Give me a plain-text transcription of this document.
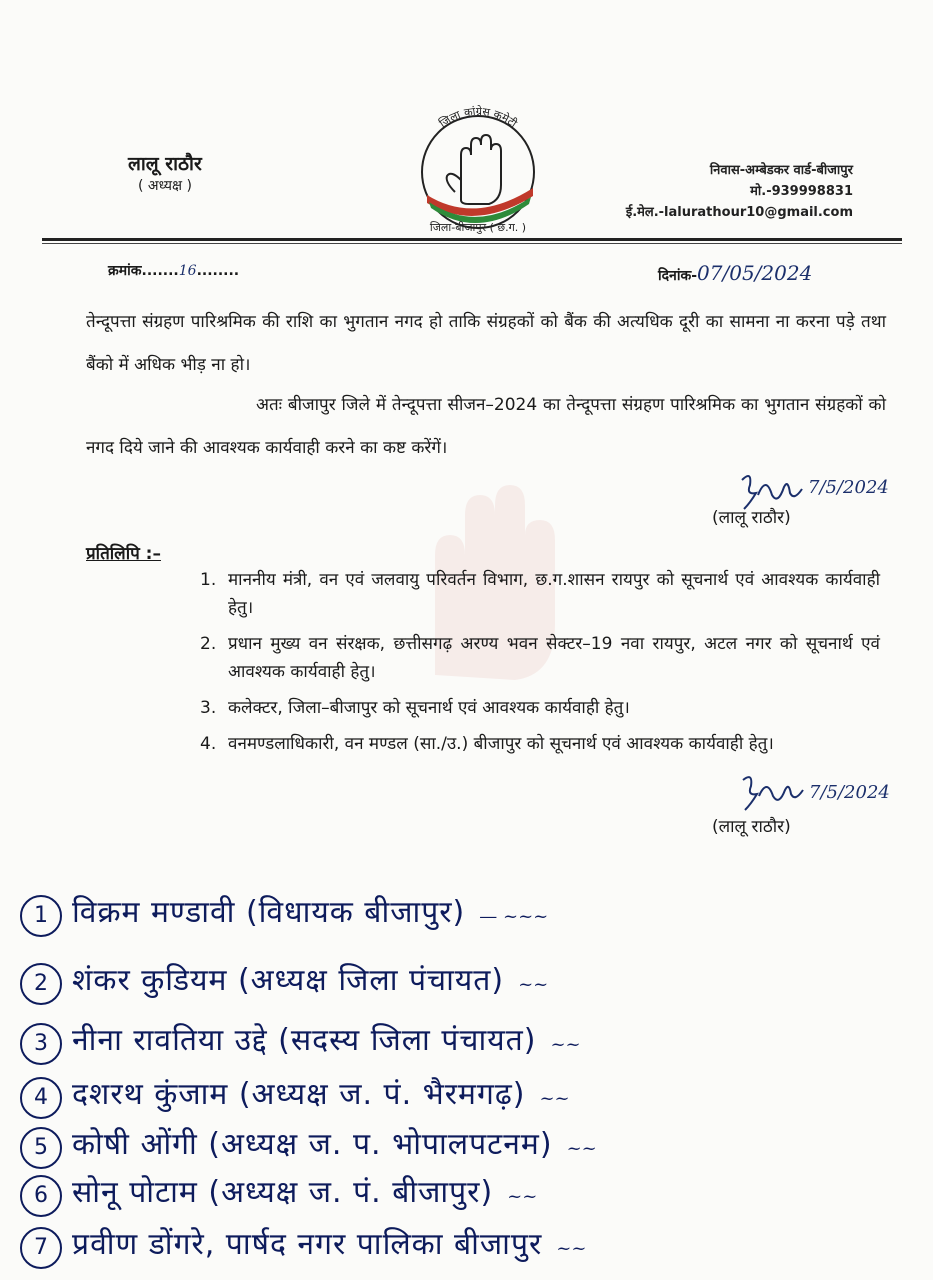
लालू राठौर
( अध्यक्ष )
जिला कांग्रेस कमेटी
जिला-बीजापुर ( छ.ग. )
निवास-अम्बेडकर वार्ड-बीजापुर
मो.-939998831
ई.मेल.-lalurathour10@gmail.com
क्रमांक.......16........	दिनांक-07/05/2024
तेन्दूपत्ता संग्रहण पारिश्रमिक की राशि का भुगतान नगद हो ताकि संग्रहकों को बैंक की अत्यधिक दूरी का सामना ना करना पड़े तथा बैंको में अधिक भीड़ ना हो।
अतः बीजापुर जिले में तेन्दूपत्ता सीजन–2024 का तेन्दूपत्ता संग्रहण पारिश्रमिक का भुगतान संग्रहकों को नगद दिये जाने की आवश्यक कार्यवाही करने का कष्ट करेंगें।
7/5/2024
(लालू राठौर)
प्रतिलिपि :–
1. माननीय मंत्री, वन एवं जलवायु परिवर्तन विभाग, छ.ग.शासन रायपुर को सूचनार्थ एवं आवश्यक कार्यवाही हेतु।
2. प्रधान मुख्य वन संरक्षक, छत्तीसगढ़ अरण्य भवन सेक्टर–19 नवा रायपुर, अटल नगर को सूचनार्थ एवं आवश्यक कार्यवाही हेतु।
3. कलेक्टर, जिला–बीजापुर को सूचनार्थ एवं आवश्यक कार्यवाही हेतु।
4. वनमण्डलाधिकारी, वन मण्डल (सा./उ.) बीजापुर को सूचनार्थ एवं आवश्यक कार्यवाही हेतु।
7/5/2024
(लालू राठौर)
1 विक्रम मण्डावी (विधायक बीजापुर) — ~~~
2 शंकर कुडियम (अध्यक्ष जिला पंचायत) ~~
3 नीना रावतिया उद्दे (सदस्य जिला पंचायत) ~~
4 दशरथ कुंजाम (अध्यक्ष ज. पं. भैरमगढ़) ~~
5 कोषी ओंगी (अध्यक्ष ज. प. भोपालपटनम) ~~
6 सोनू पोटाम (अध्यक्ष ज. पं. बीजापुर) ~~
7 प्रवीण डोंगरे, पार्षद नगर पालिका बीजापुर ~~
